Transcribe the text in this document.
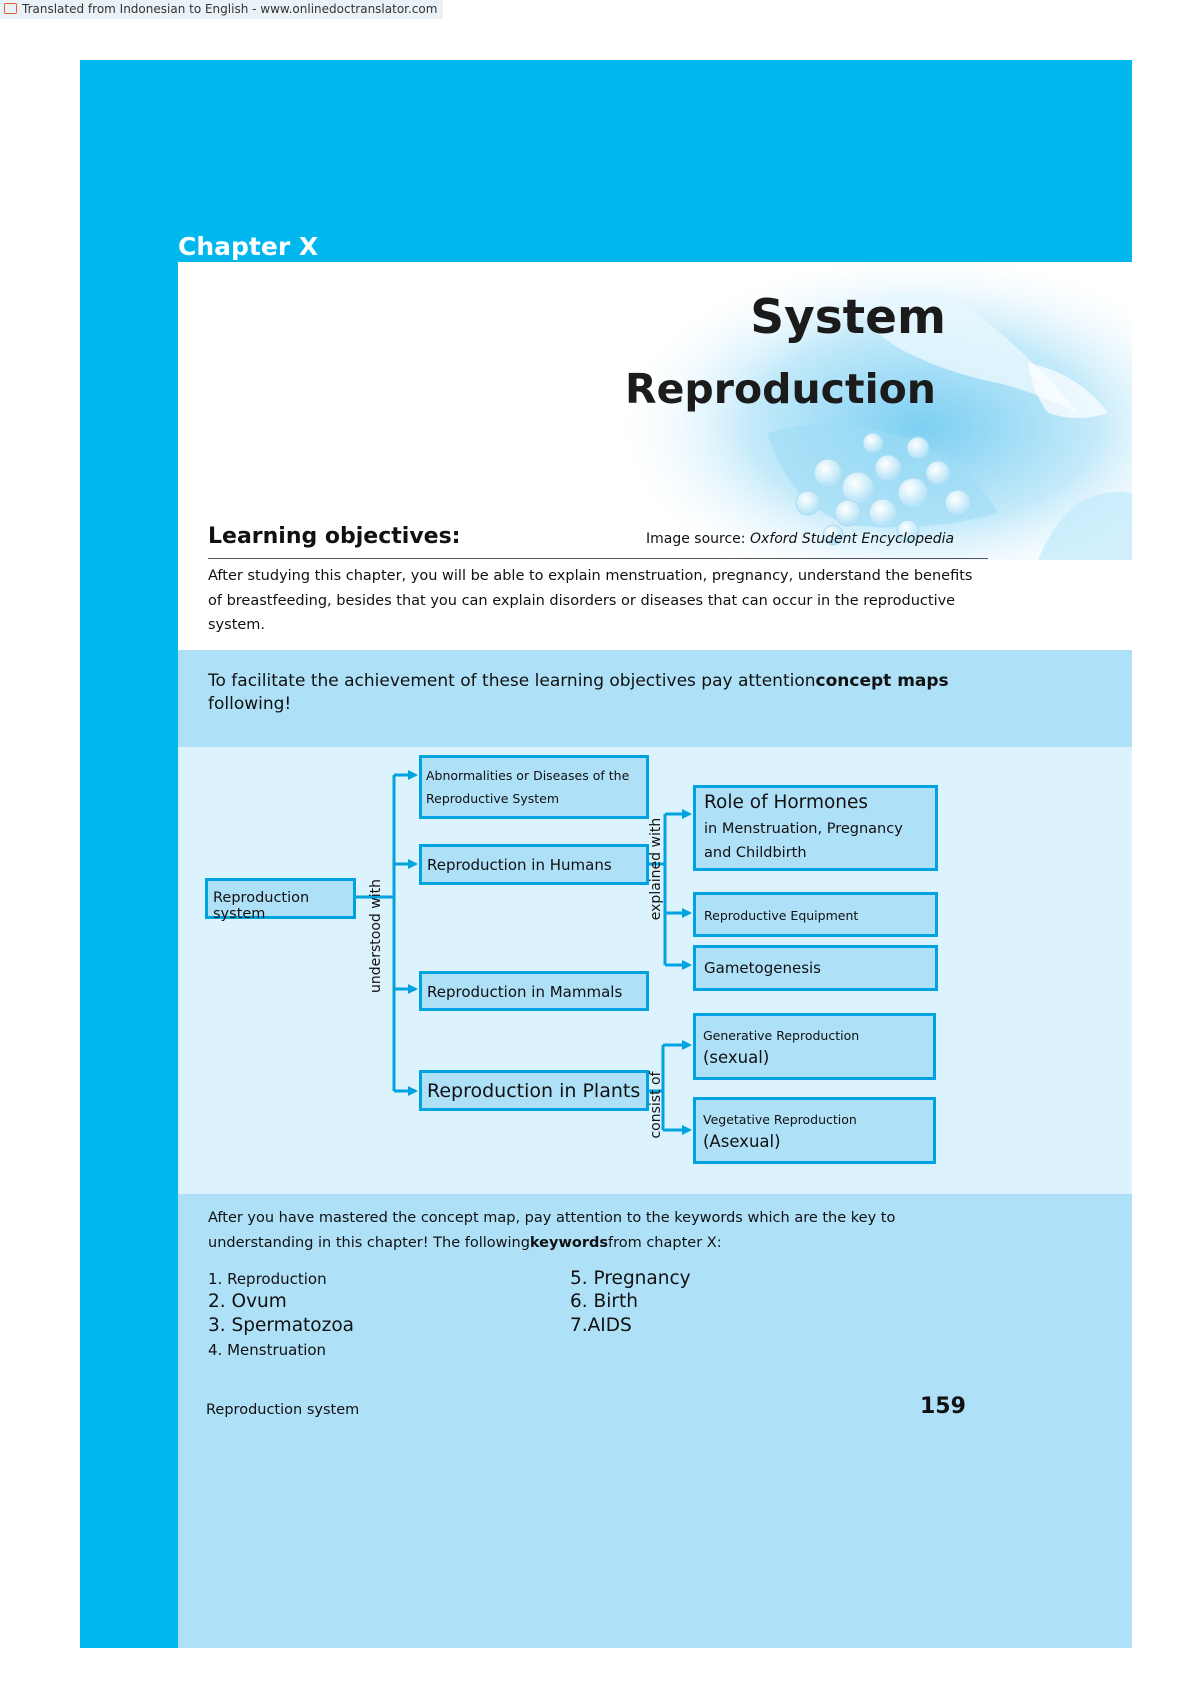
Translated from Indonesian to English - www.onlinedoctranslator.com
Chapter X
System
Reproduction
Learning objectives:	Image source: Oxford Student Encyclopedia
After studying this chapter, you will be able to explain menstruation, pregnancy, understand the benefits of breastfeeding, besides that you can explain disorders or diseases that can occur in the reproductive system.
To facilitate the achievement of these learning objectives pay attentionconcept maps
following!
Reproduction system
Abnormalities or Diseases of the Reproductive System
Reproduction in Humans
Reproduction in Mammals
Reproduction in Plants
Role of Hormones
in Menstruation, Pregnancy and Childbirth
Reproductive Equipment
Gametogenesis
Generative Reproduction
(sexual)
Vegetative Reproduction
(Asexual)
understood with
explained with
consist of
After you have mastered the concept map, pay attention to the keywords which are the key to understanding in this chapter! The followingkeywordsfrom chapter X:
1. Reproduction
2. Ovum
3. Spermatozoa
4. Menstruation
5. Pregnancy
6. Birth
7.AIDS
Reproduction system	159
